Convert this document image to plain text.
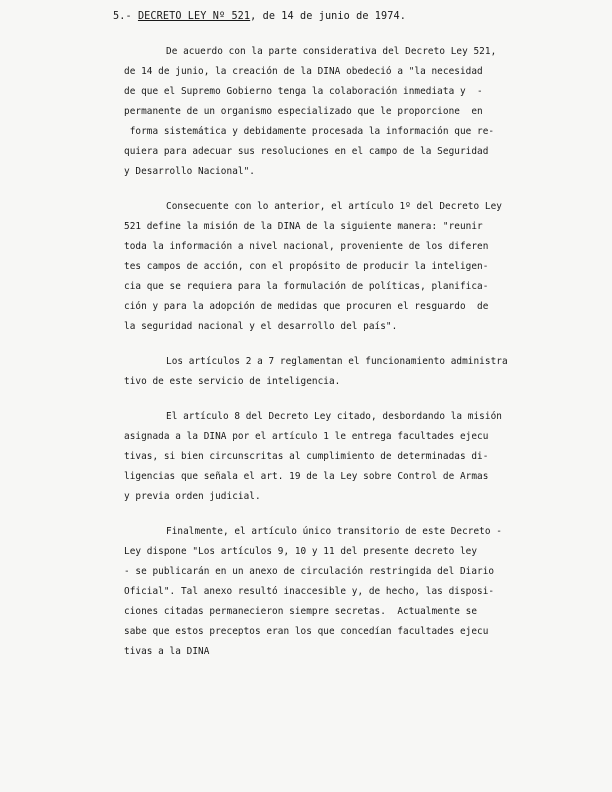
5.- DECRETO LEY Nº 521, de 14 de junio de 1974.
De acuerdo con la parte considerativa del Decreto Ley 521,
de 14 de junio, la creación de la DINA obedeció a "la necesidad
de que el Supremo Gobierno tenga la colaboración inmediata y  -
permanente de un organismo especializado que le proporcione  en
forma sistemática y debidamente procesada la información que re-
quiera para adecuar sus resoluciones en el campo de la Seguridad
y Desarrollo Nacional".
Consecuente con lo anterior, el artículo 1º del Decreto Ley
521 define la misión de la DINA de la siguiente manera: "reunir
toda la información a nivel nacional, proveniente de los diferen
tes campos de acción, con el propósito de producir la inteligen-
cia que se requiera para la formulación de políticas, planifica-
ción y para la adopción de medidas que procuren el resguardo  de
la seguridad nacional y el desarrollo del país".
Los artículos 2 a 7 reglamentan el funcionamiento administra
tivo de este servicio de inteligencia.
El artículo 8 del Decreto Ley citado, desbordando la misión
asignada a la DINA por el artículo 1 le entrega facultades ejecu
tivas, si bien circunscritas al cumplimiento de determinadas di-
ligencias que señala el art. 19 de la Ley sobre Control de Armas
y previa orden judicial.
Finalmente, el artículo único transitorio de este Decreto -
Ley dispone "Los artículos 9, 10 y 11 del presente decreto ley
- se publicarán en un anexo de circulación restringida del Diario
Oficial". Tal anexo resultó inaccesible y, de hecho, las disposi-
ciones citadas permanecieron siempre secretas.  Actualmente se
sabe que estos preceptos eran los que concedían facultades ejecu
tivas a la DINA
